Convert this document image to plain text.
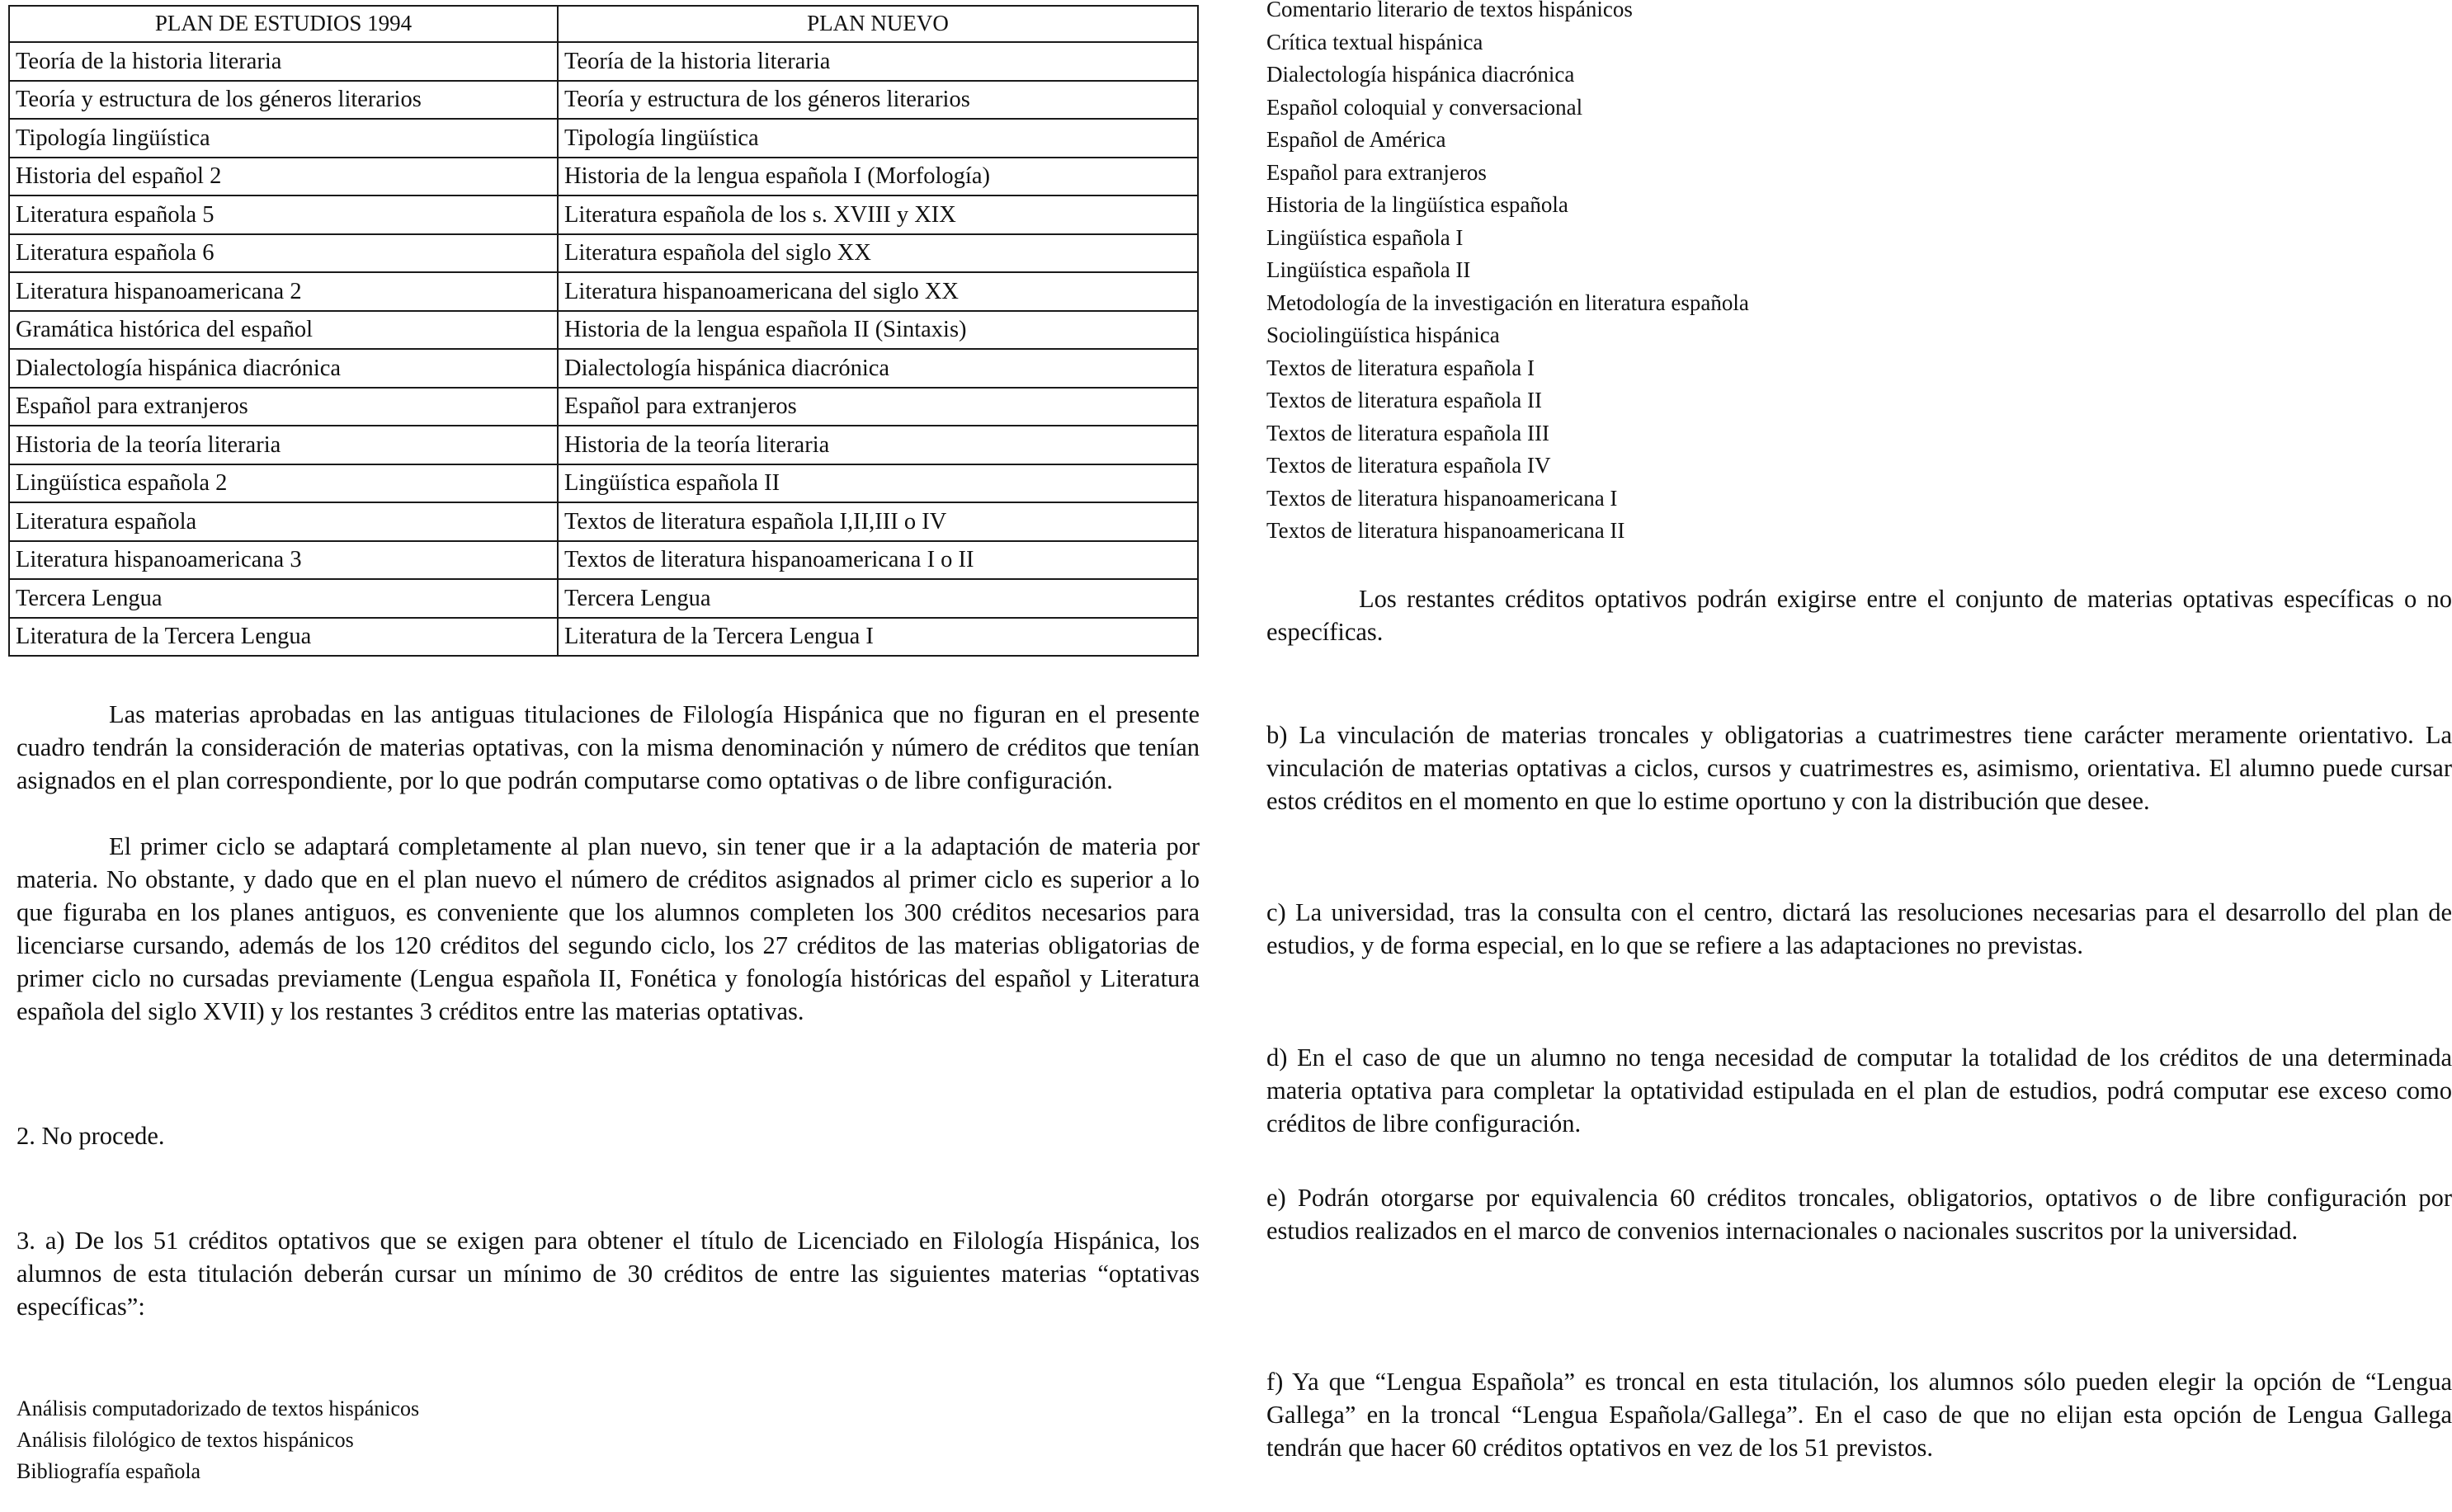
PLAN DE ESTUDIOS 1994	PLAN NUEVO
Teoría de la historia literaria	Teoría de la historia literaria
Teoría y estructura de los géneros literarios	Teoría y estructura de los géneros literarios
Tipología lingüística	Tipología lingüística
Historia del español 2	Historia de la lengua española I (Morfología)
Literatura española 5	Literatura española de los s. XVIII y XIX
Literatura española 6	Literatura española del siglo XX
Literatura hispanoamericana 2	Literatura hispanoamericana del siglo XX
Gramática histórica del español	Historia de la lengua española II (Sintaxis)
Dialectología hispánica diacrónica	Dialectología hispánica diacrónica
Español para extranjeros	Español para extranjeros
Historia de la teoría literaria	Historia de la teoría literaria
Lingüística española 2	Lingüística española II
Literatura española	Textos de literatura española I,II,III o IV
Literatura hispanoamericana 3	Textos de literatura hispanoamericana I o II
Tercera Lengua	Tercera Lengua
Literatura de la Tercera Lengua	Literatura de la Tercera Lengua I

Las materias aprobadas en las antiguas titulaciones de Filología Hispánica que no figuran en el presente cuadro tendrán la consideración de materias optativas, con la misma denominación y número de créditos que tenían asignados en el plan correspondiente, por lo que podrán computarse como optativas o de libre configuración.

El primer ciclo se adaptará completamente al plan nuevo, sin tener que ir a la adaptación de materia por materia. No obstante, y dado que en el plan nuevo el número de créditos asignados al primer ciclo es superior a lo que figuraba en los planes antiguos, es conveniente que los alumnos completen los 300 créditos necesarios para licenciarse cursando, además de los 120 créditos del segundo ciclo, los 27 créditos de las materias obligatorias de primer ciclo no cursadas previamente (Lengua española II, Fonética y fonología históricas del español y Literatura española del siglo XVII) y los restantes 3 créditos entre las materias optativas.

2. No procede.

3. a) De los 51 créditos optativos que se exigen para obtener el título de Licenciado en Filología Hispánica, los alumnos de esta titulación deberán cursar un mínimo de 30 créditos de entre las siguientes materias “optativas específicas”:

Análisis computadorizado de textos hispánicos
Análisis filológico de textos hispánicos
Bibliografía española
Comentario literario de textos hispánicos
Crítica textual hispánica
Dialectología hispánica diacrónica
Español coloquial y conversacional
Español de América
Español para extranjeros
Historia de la lingüística española
Lingüística española I
Lingüística española II
Metodología de la investigación en literatura española
Sociolingüística hispánica
Textos de literatura española I
Textos de literatura española II
Textos de literatura española III
Textos de literatura española IV
Textos de literatura hispanoamericana I
Textos de literatura hispanoamericana II

Los restantes créditos optativos podrán exigirse entre el conjunto de materias optativas específicas o no específicas.

b) La vinculación de materias troncales y obligatorias a cuatrimestres tiene carácter meramente orientativo. La vinculación de materias optativas a ciclos, cursos y cuatrimestres es, asimismo, orientativa. El alumno puede cursar estos créditos en el momento en que lo estime oportuno y con la distribución que desee.

c) La universidad, tras la consulta con el centro, dictará las resoluciones necesarias para el desarrollo del plan de estudios, y de forma especial, en lo que se refiere a las adaptaciones no previstas.

d) En el caso de que un alumno no tenga necesidad de computar la totalidad de los créditos de una determinada materia optativa para completar la optatividad estipulada en el plan de estudios, podrá computar ese exceso como créditos de libre configuración.

e) Podrán otorgarse por equivalencia 60 créditos troncales, obligatorios, optativos o de libre configuración por estudios realizados en el marco de convenios internacionales o nacionales suscritos por la universidad.

f) Ya que “Lengua Española” es troncal en esta titulación, los alumnos sólo pueden elegir la opción de “Lengua Gallega” en la troncal “Lengua Española/Gallega”. En el caso de que no elijan esta opción de Lengua Gallega tendrán que hacer 60 créditos optativos en vez de los 51 previstos.
